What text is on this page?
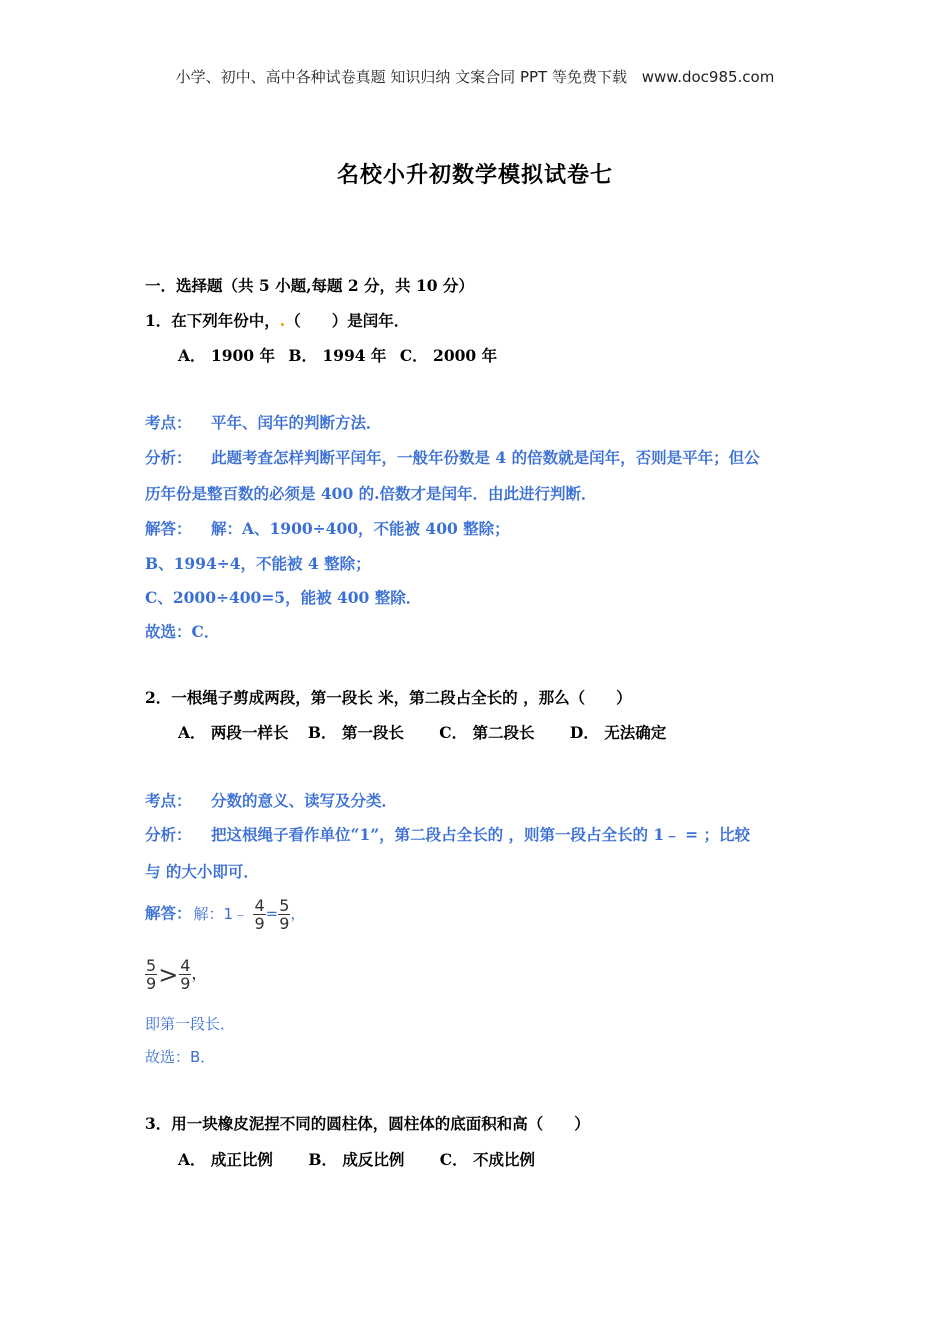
小学、初中、高中各种试卷真题 知识归纳 文案合同 PPT 等免费下载 www.doc985.com
名校小升初数学模拟试卷七
一．选择题（共 5 小题,每题 2 分，共 10 分）
1．在下列年份中，.（　　）是闰年．
A． 1900 年 B． 1994 年 C． 2000 年
考点： 平年、闰年的判断方法．
分析： 此题考查怎样判断平闰年，一般年份数是 4 的倍数就是闰年，否则是平年；但公
历年份是整百数的必须是 400 的.倍数才是闰年．由此进行判断．
解答： 解：A、1900÷400，不能被 400 整除；
B、1994÷4，不能被 4 整除；
C、2000÷400=5，能被 400 整除．
故选：C．
2．一根绳子剪成两段，第一段长 米，第二段占全长的 ，那么（　　）
A． 两段一样长 B． 第一段长 C． 第二段长 D． 无法确定
考点： 分数的意义、读写及分类．
分析： 把这根绳子看作单位“1”，第二段占全长的 ，则第一段占全长的 1﹣ = ；比较
与 的大小即可．
解答： 解：1﹣ $\frac{4}{9} = \frac{5}{9}$ ，
$\frac{5}{9} > \frac{4}{9}$ ，
即第一段长．
故选：B．
3．用一块橡皮泥捏不同的圆柱体，圆柱体的底面积和高（　　）
A． 成正比例 B． 成反比例 C． 不成比例
